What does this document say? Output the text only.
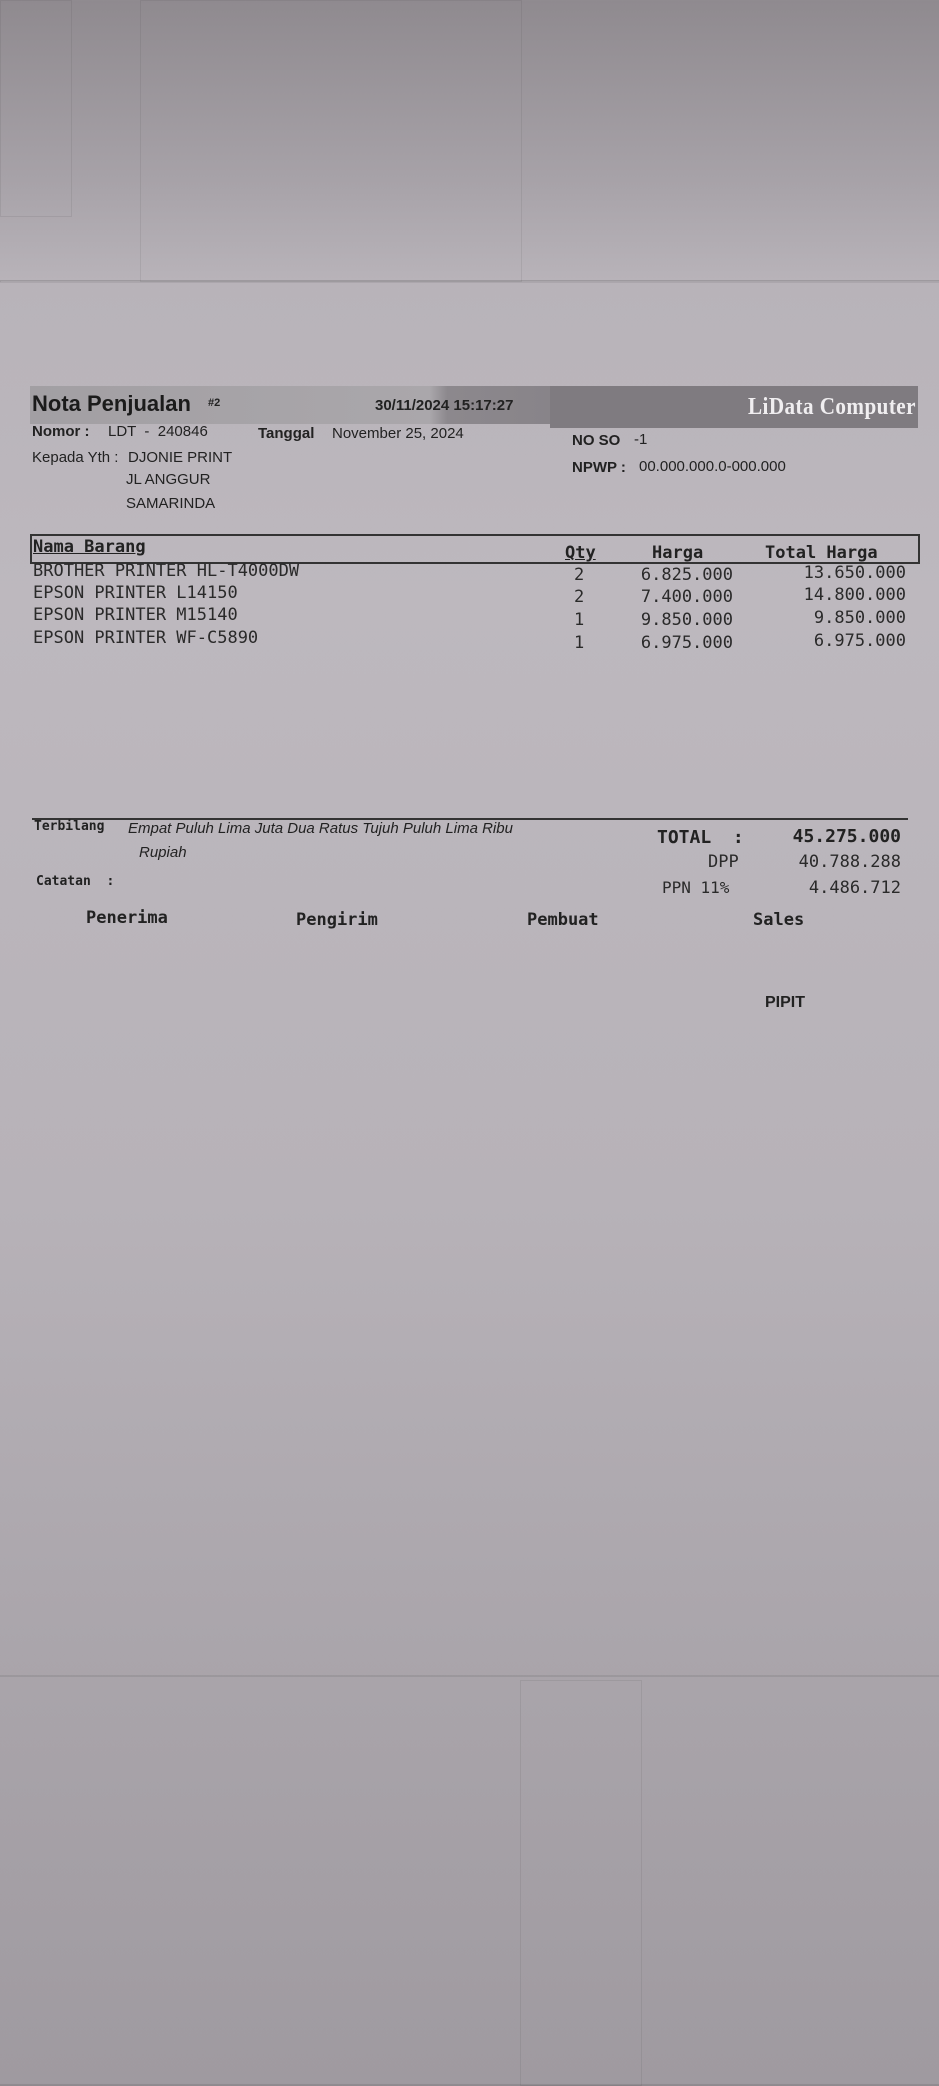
Nota Penjualan #2	30/11/2024 15:17:27	LiData Computer
Nomor : LDT  -  240846	Tanggal November 25, 2024
Kepada Yth : DJONIE PRINT
JL ANGGUR
SAMARINDA
NO SO -1
NPWP : 00.000.000.0-000.000
Nama Barang	Qty	Harga	Total Harga
BROTHER PRINTER HL-T4000DW	2	6.825.000	13.650.000
EPSON PRINTER L14150	2	7.400.000	14.800.000
EPSON PRINTER M15140	1	9.850.000	9.850.000
EPSON PRINTER WF-C5890	1	6.975.000	6.975.000
Terbilang Empat Puluh Lima Juta Dua Ratus Tujuh Puluh Lima Ribu
Rupiah
TOTAL  :	45.275.000
DPP	40.788.288
PPN 11%	4.486.712
Catatan  :
Penerima	Pengirim	Pembuat	Sales
PIPIT
